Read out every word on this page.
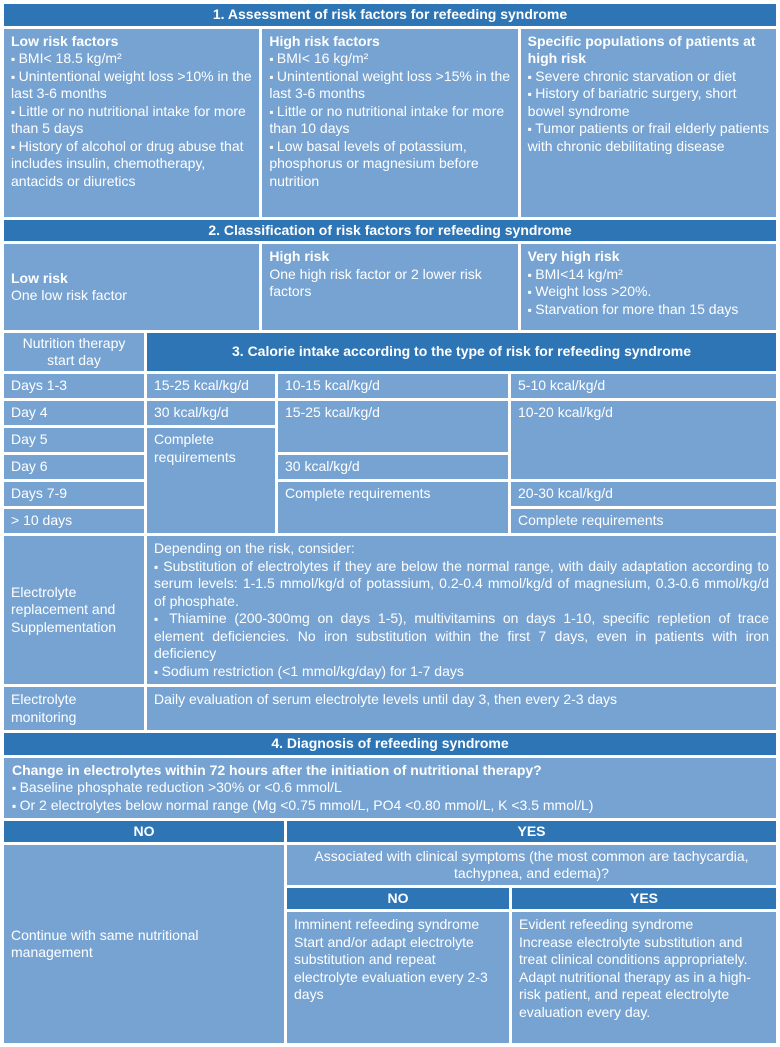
1. Assessment of risk factors for refeeding syndrome
Low risk factors
▪ BMI< 18.5 kg/m²
▪ Unintentional weight loss >10% in the last 3-6 months
▪ Little or no nutritional intake for more than 5 days
▪ History of alcohol or drug abuse that includes insulin, chemotherapy, antacids or diuretics
High risk factors
▪ BMI< 16 kg/m²
▪ Unintentional weight loss >15% in the last 3-6 months
▪ Little or no nutritional intake for more than 10 days
▪ Low basal levels of potassium, phosphorus or magnesium before nutrition
Specific populations of patients at high risk
▪ Severe chronic starvation or diet
▪ History of bariatric surgery, short bowel syndrome
▪ Tumor patients or frail elderly patients with chronic debilitating disease
2. Classification of risk factors for refeeding syndrome
Low risk
One low risk factor
High risk
One high risk factor or 2 lower risk factors
Very high risk
▪ BMI<14 kg/m²
▪ Weight loss >20%.
▪ Starvation for more than 15 days
Nutrition therapy start day
3. Calorie intake according to the type of risk for refeeding syndrome
Days 1-3
Day 4
Day 5
Day 6
Days 7-9
> 10 days
15-25 kcal/kg/d
30 kcal/kg/d
Complete requirements
10-15 kcal/kg/d
15-25 kcal/kg/d
30 kcal/kg/d
Complete requirements
5-10 kcal/kg/d
10-20 kcal/kg/d
20-30 kcal/kg/d
Complete requirements
Electrolyte replacement and Supplementation
Depending on the risk, consider:
▪ Substitution of electrolytes if they are below the normal range, with daily adaptation according to serum levels: 1-1.5 mmol/kg/d of potassium, 0.2-0.4 mmol/kg/d of magnesium, 0.3-0.6 mmol/kg/d of phosphate.
▪ Thiamine (200-300mg on days 1-5), multivitamins on days 1-10, specific repletion of trace element deficiencies. No iron substitution within the first 7 days, even in patients with iron deficiency
▪ Sodium restriction (<1 mmol/kg/day) for 1-7 days
Electrolyte monitoring
Daily evaluation of serum electrolyte levels until day 3, then every 2-3 days
4. Diagnosis of refeeding syndrome
Change in electrolytes within 72 hours after the initiation of nutritional therapy?
▪ Baseline phosphate reduction >30% or <0.6 mmol/L
▪ Or 2 electrolytes below normal range (Mg <0.75 mmol/L, PO4 <0.80 mmol/L, K <3.5 mmol/L)
NO	YES
Continue with same nutritional management
Associated with clinical symptoms (the most common are tachycardia, tachypnea, and edema)?
NO	YES
Imminent refeeding syndrome
Start and/or adapt electrolyte substitution and repeat electrolyte evaluation every 2-3 days
Evident refeeding syndrome
Increase electrolyte substitution and treat clinical conditions appropriately. Adapt nutritional therapy as in a high-risk patient, and repeat electrolyte evaluation every day.
